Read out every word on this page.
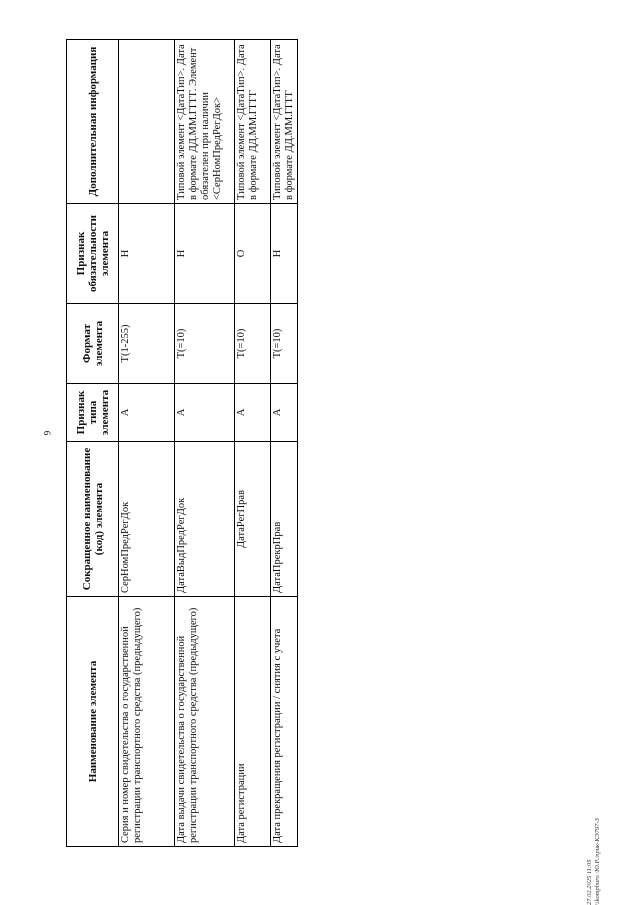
6
Наименование элемента	Сокращенное наименование (код) элемента	Признак типа элемента	Формат элемента	Признак обязательности элемента	Дополнительная информация
Серия и номер свидетельства о государственной регистрации транспортного средства (предыдущего)	СерНомПредРегДок	А	Т(1-255)	Н	
Дата выдачи свидетельства о государственной регистрации транспортного средства (предыдущего)	ДатаВыдПредРегДок	А	Т(=10)	Н	Типовой элемент <ДатаТип>. Дата в формате ДД.ММ.ГГГГ. Элемент обязателен при наличии <СерНомПредРегДок>
Дата регистрации	ДатаРегПрав	А	Т(=10)	О	Типовой элемент <ДатаТип>. Дата в формате ДД.ММ.ГГГГ
Дата прекращения регистрации / снятия с учета	ДатаПрекрПрав	А	Т(=10)	Н	Типовой элемент <ДатаТип>. Дата в формате ДД.ММ.ГГГГ
27.02.2025 11:05 \\kompburo /Ю.Р./прик-КЭ797-3
